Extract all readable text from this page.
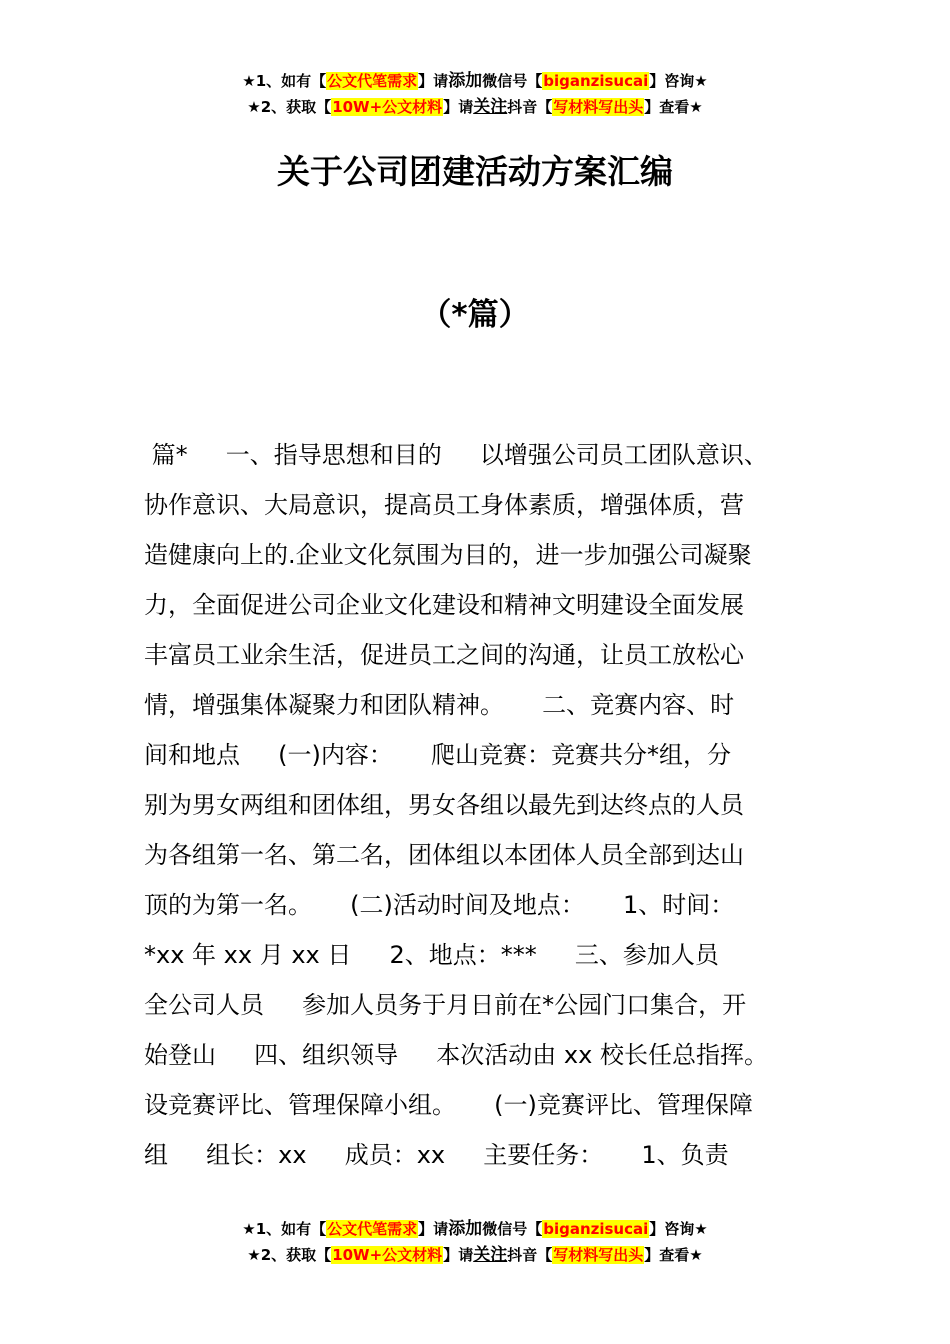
★1、如有【公文代笔需求】请添加微信号【biganzisucai】咨询★
★2、获取【10W+公文材料】请关注抖音【写材料写出头】查看★
关于公司团建活动方案汇编
（*篇）
篇*     一、指导思想和目的     以增强公司员工团队意识、
协作意识、大局意识，提高员工身体素质，增强体质，营
造健康向上的.企业文化氛围为目的，进一步加强公司凝聚
力，全面促进公司企业文化建设和精神文明建设全面发展
丰富员工业余生活，促进员工之间的沟通，让员工放松心
情，增强集体凝聚力和团队精神。     二、竞赛内容、时
间和地点     (一)内容：     爬山竞赛：竞赛共分*组，分
别为男女两组和团体组，男女各组以最先到达终点的人员
为各组第一名、第二名，团体组以本团体人员全部到达山
顶的为第一名。     (二)活动时间及地点：     1、时间：
*xx 年 xx 月 xx 日     2、地点：***     三、参加人员
全公司人员     参加人员务于月日前在*公园门口集合，开
始登山     四、组织领导     本次活动由 xx 校长任总指挥。
设竞赛评比、管理保障小组。     (一)竞赛评比、管理保障
组     组长：xx     成员：xx     主要任务：     1、负责
★1、如有【公文代笔需求】请添加微信号【biganzisucai】咨询★
★2、获取【10W+公文材料】请关注抖音【写材料写出头】查看★
